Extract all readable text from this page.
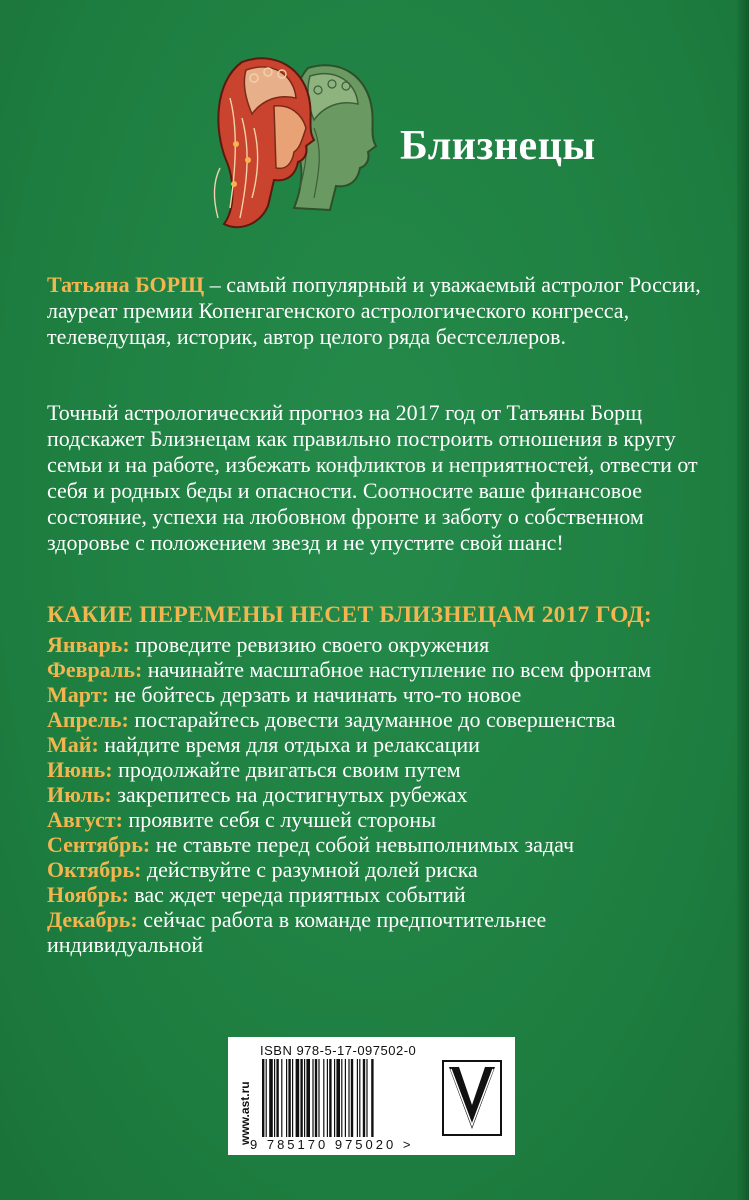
Близнецы
Татьяна БОРЩ – самый популярный и уважаемый астролог России, лауреат премии Копенгагенского астрологического конгресса, телеведущая, историк, автор целого ряда бестселлеров.
Точный астрологический прогноз на 2017 год от Татьяны Борщ подскажет Близнецам как правильно построить отношения в кругу семьи и на работе, избежать конфликтов и неприятностей, отвести от себя и родных беды и опасности. Соотносите ваше финансовое состояние, успехи на любовном фронте и заботу о собственном здоровье с положением звезд и не упустите свой шанс!
КАКИЕ ПЕРЕМЕНЫ НЕСЕТ БЛИЗНЕЦАМ 2017 ГОД:
Январь: проведите ревизию своего окружения
Февраль: начинайте масштабное наступление по всем фронтам
Март: не бойтесь дерзать и начинать что-то новое
Апрель: постарайтесь довести задуманное до совершенства
Май: найдите время для отдыха и релаксации
Июнь: продолжайте двигаться своим путем
Июль: закрепитесь на достигнутых рубежах
Август: проявите себя с лучшей стороны
Сентябрь: не ставьте перед собой невыполнимых задач
Октябрь: действуйте с разумной долей риска
Ноябрь: вас ждет череда приятных событий
Декабрь: сейчас работа в команде предпочтительнее индивидуальной
www.ast.ru
ISBN 978-5-17-097502-0
9 785170 975020 >
